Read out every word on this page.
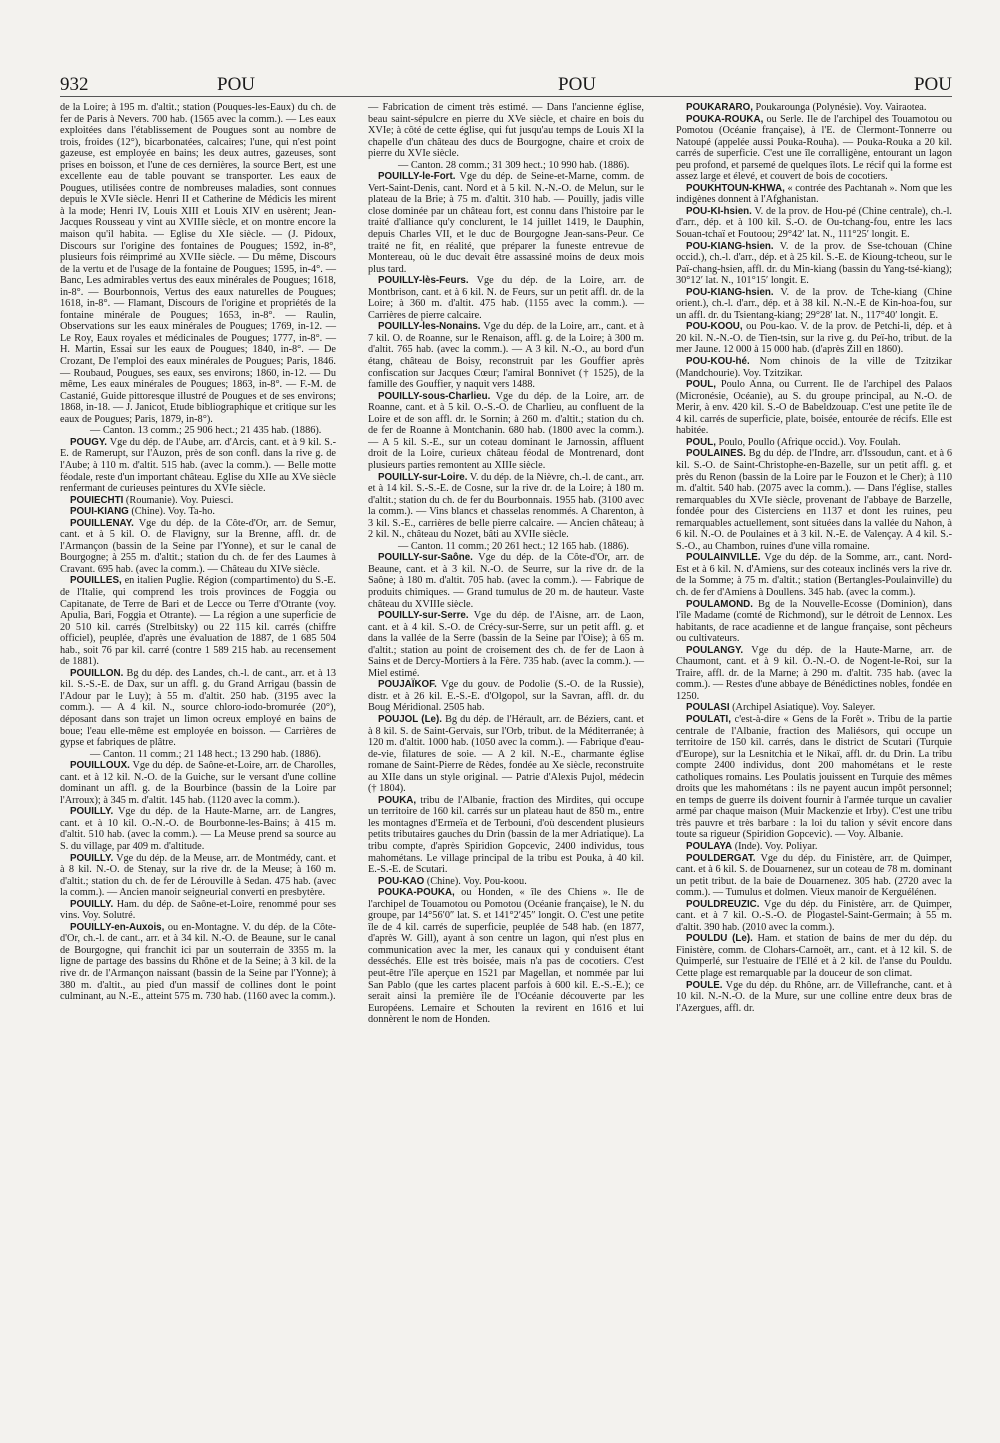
932	POU	POU	POU

de la Loire; à 195 m. d'altit.; station (Pouques-les-Eaux) du ch. de fer de Paris à Nevers. 700 hab. (1565 avec la comm.). — Les eaux exploitées dans l'établissement de Pougues sont au nombre de trois, froides (12°), bicarbonatées, calcaires; l'une, qui n'est point gazeuse, est employée en bains; les deux autres, gazeuses, sont prises en boisson, et l'une de ces dernières, la source Bert, est une excellente eau de table pouvant se transporter. Les eaux de Pougues, utilisées contre de nombreuses maladies, sont connues depuis le XVIe siècle. Henri II et Catherine de Médicis les mirent à la mode; Henri IV, Louis XIII et Louis XIV en usèrent; Jean-Jacques Rousseau y vint au XVIIIe siècle, et on montre encore la maison qu'il habita. — Eglise du XIe siècle. — (J. Pidoux, Discours sur l'origine des fontaines de Pougues; 1592, in-8°, plusieurs fois réimprimé au XVIIe siècle. — Du même, Discours de la vertu et de l'usage de la fontaine de Pougues; 1595, in-4°. — Banc, Les admirables vertus des eaux minérales de Pougues; 1618, in-8°. — Bourbonnois, Vertus des eaux naturelles de Pougues; 1618, in-8°. — Flamant, Discours de l'origine et propriétés de la fontaine minérale de Pougues; 1653, in-8°. — Raulin, Observations sur les eaux minérales de Pougues; 1769, in-12. — Le Roy, Eaux royales et médicinales de Pougues; 1777, in-8°. — H. Martin, Essai sur les eaux de Pougues; 1840, in-8°. — De Crozant, De l'emploi des eaux minérales de Pougues; Paris, 1846. — Roubaud, Pougues, ses eaux, ses environs; 1860, in-12. — Du même, Les eaux minérales de Pougues; 1863, in-8°. — F.-M. de Castanié, Guide pittoresque illustré de Pougues et de ses environs; 1868, in-18. — J. Janicot, Etude bibliographique et critique sur les eaux de Pougues; Paris, 1879, in-8°).

— Canton. 13 comm.; 25 906 hect.; 21 435 hab. (1886).

POUGY. Vge du dép. de l'Aube, arr. d'Arcis, cant. et à 9 kil. S.-E. de Ramerupt, sur l'Auzon, près de son confl. dans la rive g. de l'Aube; à 110 m. d'altit. 515 hab. (avec la comm.). — Belle motte féodale, reste d'un important château. Eglise du XIIe au XVe siècle renfermant de curieuses peintures du XVIe siècle.

POUIECHTI (Roumanie). Voy. Puiesci.

POUI-KIANG (Chine). Voy. Ta-ho.

POUILLENAY. Vge du dép. de la Côte-d'Or, arr. de Semur, cant. et à 5 kil. O. de Flavigny, sur la Brenne, affl. dr. de l'Armançon (bassin de la Seine par l'Yonne), et sur le canal de Bourgogne; à 255 m. d'altit.; station du ch. de fer des Laumes à Cravant. 695 hab. (avec la comm.). — Château du XIVe siècle.

POUILLES, en italien Puglie. Région (compartimento) du S.-E. de l'Italie, qui comprend les trois provinces de Foggia ou Capitanate, de Terre de Bari et de Lecce ou Terre d'Otrante (voy. Apulia, Bari, Foggia et Otrante). — La région a une superficie de 20 510 kil. carrés (Strelbitsky) ou 22 115 kil. carrés (chiffre officiel), peuplée, d'après une évaluation de 1887, de 1 685 504 hab., soit 76 par kil. carré (contre 1 589 215 hab. au recensement de 1881).

POUILLON. Bg du dép. des Landes, ch.-l. de cant., arr. et à 13 kil. S.-S.-E. de Dax, sur un affl. g. du Grand Arrigau (bassin de l'Adour par le Luy); à 55 m. d'altit. 250 hab. (3195 avec la comm.). — A 4 kil. N., source chloro-iodo-bromurée (20°), déposant dans son trajet un limon ocreux employé en bains de boue; l'eau elle-même est employée en boisson. — Carrières de gypse et fabriques de plâtre.

— Canton. 11 comm.; 21 148 hect.; 13 290 hab. (1886).

POUILLOUX. Vge du dép. de Saône-et-Loire, arr. de Charolles, cant. et à 12 kil. N.-O. de la Guiche, sur le versant d'une colline dominant un affl. g. de la Bourbince (bassin de la Loire par l'Arroux); à 345 m. d'altit. 145 hab. (1120 avec la comm.).

POUILLY. Vge du dép. de la Haute-Marne, arr. de Langres, cant. et à 10 kil. O.-N.-O. de Bourbonne-les-Bains; à 415 m. d'altit. 510 hab. (avec la comm.). — La Meuse prend sa source au S. du village, par 409 m. d'altitude.

POUILLY. Vge du dép. de la Meuse, arr. de Montmédy, cant. et à 8 kil. N.-O. de Stenay, sur la rive dr. de la Meuse; à 160 m. d'altit.; station du ch. de fer de Lérouville à Sedan. 475 hab. (avec la comm.). — Ancien manoir seigneurial converti en presbytère.

POUILLY. Ham. du dép. de Saône-et-Loire, renommé pour ses vins. Voy. Solutré.

POUILLY-en-Auxois, ou en-Montagne. V. du dép. de la Côte-d'Or, ch.-l. de cant., arr. et à 34 kil. N.-O. de Beaune, sur le canal de Bourgogne, qui franchit ici par un souterrain de 3355 m. la ligne de partage des bassins du Rhône et de la Seine; à 3 kil. de la rive dr. de l'Armançon naissant (bassin de la Seine par l'Yonne); à 380 m. d'altit., au pied d'un massif de collines dont le point culminant, au N.-E., atteint 575 m. 730 hab. (1160 avec la comm.).

— Fabrication de ciment très estimé. — Dans l'ancienne église, beau saint-sépulcre en pierre du XVe siècle, et chaire en bois du XVIe; à côté de cette église, qui fut jusqu'au temps de Louis XI la chapelle d'un château des ducs de Bourgogne, chaire et croix de pierre du XVIe siècle.

— Canton. 28 comm.; 31 309 hect.; 10 990 hab. (1886).

POUILLY-le-Fort. Vge du dép. de Seine-et-Marne, comm. de Vert-Saint-Denis, cant. Nord et à 5 kil. N.-N.-O. de Melun, sur le plateau de la Brie; à 75 m. d'altit. 310 hab. — Pouilly, jadis ville close dominée par un château fort, est connu dans l'histoire par le traité d'alliance qu'y conclurent, le 14 juillet 1419, le Dauphin, depuis Charles VII, et le duc de Bourgogne Jean-sans-Peur. Ce traité ne fit, en réalité, que préparer la funeste entrevue de Montereau, où le duc devait être assassiné moins de deux mois plus tard.

POUILLY-lès-Feurs. Vge du dép. de la Loire, arr. de Montbrison, cant. et à 6 kil. N. de Feurs, sur un petit affl. dr. de la Loire; à 360 m. d'altit. 475 hab. (1155 avec la comm.). — Carrières de pierre calcaire.

POUILLY-les-Nonains. Vge du dép. de la Loire, arr., cant. et à 7 kil. O. de Roanne, sur le Renaison, affl. g. de la Loire; à 300 m. d'altit. 765 hab. (avec la comm.). — A 3 kil. N.-O., au bord d'un étang, château de Boisy, reconstruit par les Gouffier après confiscation sur Jacques Cœur; l'amiral Bonnivet († 1525), de la famille des Gouffier, y naquit vers 1488.

POUILLY-sous-Charlieu. Vge du dép. de la Loire, arr. de Roanne, cant. et à 5 kil. O.-S.-O. de Charlieu, au confluent de la Loire et de son affl. dr. le Sornin; à 260 m. d'altit.; station du ch. de fer de Roanne à Montchanin. 680 hab. (1800 avec la comm.). — A 5 kil. S.-E., sur un coteau dominant le Jarnossin, affluent droit de la Loire, curieux château féodal de Montrenard, dont plusieurs parties remontent au XIIIe siècle.

POUILLY-sur-Loire. V. du dép. de la Nièvre, ch.-l. de cant., arr. et à 14 kil. S.-S.-E. de Cosne, sur la rive dr. de la Loire; à 180 m. d'altit.; station du ch. de fer du Bourbonnais. 1955 hab. (3100 avec la comm.). — Vins blancs et chasselas renommés. A Charenton, à 3 kil. S.-E., carrières de belle pierre calcaire. — Ancien château; à 2 kil. N., château du Nozet, bâti au XVIIe siècle.

— Canton. 11 comm.; 20 261 hect.; 12 165 hab. (1886).

POUILLY-sur-Saône. Vge du dép. de la Côte-d'Or, arr. de Beaune, cant. et à 3 kil. N.-O. de Seurre, sur la rive dr. de la Saône; à 180 m. d'altit. 705 hab. (avec la comm.). — Fabrique de produits chimiques. — Grand tumulus de 20 m. de hauteur. Vaste château du XVIIIe siècle.

POUILLY-sur-Serre. Vge du dép. de l'Aisne, arr. de Laon, cant. et à 4 kil. S.-O. de Crécy-sur-Serre, sur un petit affl. g. et dans la vallée de la Serre (bassin de la Seine par l'Oise); à 65 m. d'altit.; station au point de croisement des ch. de fer de Laon à Sains et de Dercy-Mortiers à la Fère. 735 hab. (avec la comm.). — Miel estimé.

POUJAÏKOF. Vge du gouv. de Podolie (S.-O. de la Russie), distr. et à 26 kil. E.-S.-E. d'Olgopol, sur la Savran, affl. dr. du Boug Méridional. 2505 hab.

POUJOL (Le). Bg du dép. de l'Hérault, arr. de Béziers, cant. et à 8 kil. S. de Saint-Gervais, sur l'Orb, tribut. de la Méditerranée; à 120 m. d'altit. 1000 hab. (1050 avec la comm.). — Fabrique d'eau-de-vie, filatures de soie. — A 2 kil. N.-E., charmante église romane de Saint-Pierre de Rèdes, fondée au Xe siècle, reconstruite au XIIe dans un style original. — Patrie d'Alexis Pujol, médecin († 1804).

POUKA, tribu de l'Albanie, fraction des Mirdites, qui occupe un territoire de 160 kil. carrés sur un plateau haut de 850 m., entre les montagnes d'Ermeïa et de Terbouni, d'où descendent plusieurs petits tributaires gauches du Drin (bassin de la mer Adriatique). La tribu compte, d'après Spiridion Gopcevic, 2400 individus, tous mahométans. Le village principal de la tribu est Pouka, à 40 kil. E.-S.-E. de Scutari.

POU-KAO (Chine). Voy. Pou-koou.

POUKA-POUKA, ou Honden, « île des Chiens ». Ile de l'archipel de Touamotou ou Pomotou (Océanie française), le N. du groupe, par 14°56′0″ lat. S. et 141°2′45″ longit. O. C'est une petite île de 4 kil. carrés de superficie, peuplée de 548 hab. (en 1877, d'après W. Gill), ayant à son centre un lagon, qui n'est plus en communication avec la mer, les canaux qui y conduisent étant desséchés. Elle est très boisée, mais n'a pas de cocotiers. C'est peut-être l'île aperçue en 1521 par Magellan, et nommée par lui San Pablo (que les cartes placent parfois à 600 kil. E.-S.-E.); ce serait ainsi la première île de l'Océanie découverte par les Européens. Lemaire et Schouten la revirent en 1616 et lui donnèrent le nom de Honden.

POUKARARO, Poukarounga (Polynésie). Voy. Vairaotea.

POUKA-ROUKA, ou Serle. Ile de l'archipel des Touamotou ou Pomotou (Océanie française), à l'E. de Clermont-Tonnerre ou Natoupé (appelée aussi Pouka-Rouha). — Pouka-Rouka a 20 kil. carrés de superficie. C'est une île corralligène, entourant un lagon peu profond, et parsemé de quelques îlots. Le récif qui la forme est assez large et élevé, et couvert de bois de cocotiers.

POUKHTOUN-KHWA, « contrée des Pachtanah ». Nom que les indigènes donnent à l'Afghanistan.

POU-KI-hsien. V. de la prov. de Hou-pé (Chine centrale), ch.-l. d'arr., dép. et à 100 kil. S.-O. de Ou-tchang-fou, entre les lacs Souan-tchaï et Foutoou; 29°42′ lat. N., 111°25′ longit. E.

POU-KIANG-hsien. V. de la prov. de Sse-tchouan (Chine occid.), ch.-l. d'arr., dép. et à 25 kil. S.-E. de Kioung-tcheou, sur le Paï-chang-hsien, affl. dr. du Min-kiang (bassin du Yang-tsé-kiang); 30°12′ lat. N., 101°15′ longit. E.

POU-KIANG-hsien. V. de la prov. de Tche-kiang (Chine orient.), ch.-l. d'arr., dép. et à 38 kil. N.-N.-E de Kin-hoa-fou, sur un affl. dr. du Tsientang-kiang; 29°28′ lat. N., 117°40′ longit. E.

POU-KOOU, ou Pou-kao. V. de la prov. de Petchi-li, dép. et à 20 kil. N.-N.-O. de Tien-tsin, sur la rive g. du Peï-ho, tribut. de la mer Jaune. 12 000 à 15 000 hab. (d'après Zill en 1860).

POU-KOU-hé. Nom chinois de la ville de Tzitzikar (Mandchourie). Voy. Tzitzikar.

POUL, Poulo Anna, ou Current. Ile de l'archipel des Palaos (Micronésie, Océanie), au S. du groupe principal, au N.-O. de Merir, à env. 420 kil. S.-O de Babeldzouap. C'est une petite île de 4 kil. carrés de superficie, plate, boisée, entourée de récifs. Elle est habitée.

POUL, Poulo, Poullo (Afrique occid.). Voy. Foulah.

POULAINES. Bg du dép. de l'Indre, arr. d'Issoudun, cant. et à 6 kil. S.-O. de Saint-Christophe-en-Bazelle, sur un petit affl. g. et près du Renon (bassin de la Loire par le Fouzon et le Cher); à 110 m. d'altit. 540 hab. (2075 avec la comm.). — Dans l'église, stalles remarquables du XVIe siècle, provenant de l'abbaye de Barzelle, fondée pour des Cisterciens en 1137 et dont les ruines, peu remarquables actuellement, sont situées dans la vallée du Nahon, à 6 kil. N.-O. de Poulaines et à 3 kil. N.-E. de Valençay. A 4 kil. S.-S.-O., au Chambon, ruines d'une villa romaine.

POULAINVILLE. Vge du dép. de la Somme, arr., cant. Nord-Est et à 6 kil. N. d'Amiens, sur des coteaux inclinés vers la rive dr. de la Somme; à 75 m. d'altit.; station (Bertangles-Poulainville) du ch. de fer d'Amiens à Doullens. 345 hab. (avec la comm.).

POULAMOND. Bg de la Nouvelle-Ecosse (Dominion), dans l'île Madame (comté de Richmond), sur le détroit de Lennox. Les habitants, de race acadienne et de langue française, sont pêcheurs ou cultivateurs.

POULANGY. Vge du dép. de la Haute-Marne, arr. de Chaumont, cant. et à 9 kil. O.-N.-O. de Nogent-le-Roi, sur la Traire, affl. dr. de la Marne; à 290 m. d'altit. 735 hab. (avec la comm.). — Restes d'une abbaye de Bénédictines nobles, fondée en 1250.

POULASI (Archipel Asiatique). Voy. Saleyer.

POULATI, c'est-à-dire « Gens de la Forêt ». Tribu de la partie centrale de l'Albanie, fraction des Maliésors, qui occupe un territoire de 150 kil. carrés, dans le district de Scutari (Turquie d'Europe), sur la Lesnitchia et le Nikaï, affl. dr. du Drin. La tribu compte 2400 individus, dont 200 mahométans et le reste catholiques romains. Les Poulatis jouissent en Turquie des mêmes droits que les mahométans : ils ne payent aucun impôt personnel; en temps de guerre ils doivent fournir à l'armée turque un cavalier armé par chaque maison (Muir Mackenzie et Irby). C'est une tribu très pauvre et très barbare : la loi du talion y sévit encore dans toute sa rigueur (Spiridion Gopcevic). — Voy. Albanie.

POULAYA (Inde). Voy. Poliyar.

POULDERGAT. Vge du dép. du Finistère, arr. de Quimper, cant. et à 6 kil. S. de Douarnenez, sur un coteau de 78 m. dominant un petit tribut. de la baie de Douarnenez. 305 hab. (2720 avec la comm.). — Tumulus et dolmen. Vieux manoir de Kerguélénen.

POULDREUZIC. Vge du dép. du Finistère, arr. de Quimper, cant. et à 7 kil. O.-S.-O. de Plogastel-Saint-Germain; à 55 m. d'altit. 390 hab. (2010 avec la comm.).

POULDU (Le). Ham. et station de bains de mer du dép. du Finistère, comm. de Clohars-Carnoët, arr., cant. et à 12 kil. S. de Quimperlé, sur l'estuaire de l'Ellé et à 2 kil. de l'anse du Pouldu. Cette plage est remarquable par la douceur de son climat.

POULE. Vge du dép. du Rhône, arr. de Villefranche, cant. et à 10 kil. N.-N.-O. de la Mure, sur une colline entre deux bras de l'Azergues, affl. dr.
